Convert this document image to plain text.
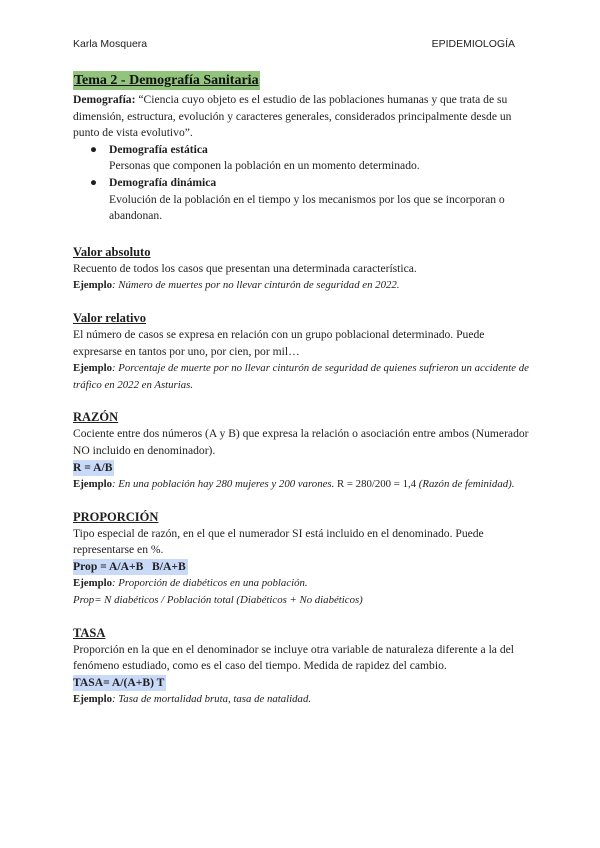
Karla Mosquera	EPIDEMIOLOGÍA
Tema 2 - Demografía Sanitaria

Demografía: “Ciencia cuyo objeto es el estudio de las poblaciones humanas y que trata de su dimensión, estructura, evolución y caracteres generales, considerados principalmente desde un punto de vista evolutivo”.

● Demografía estática
Personas que componen la población en un momento determinado.
● Demografía dinámica
Evolución de la población en el tiempo y los mecanismos por los que se incorporan o abandonan.

Valor absoluto

Recuento de todos los casos que presentan una determinada característica.

Ejemplo: Número de muertes por no llevar cinturón de seguridad en 2022.

Valor relativo

El número de casos se expresa en relación con un grupo poblacional determinado. Puede expresarse en tantos por uno, por cien, por mil…

Ejemplo: Porcentaje de muerte por no llevar cinturón de seguridad de quienes sufrieron un accidente de tráfico en 2022 en Asturias.

RAZÓN

Cociente entre dos números (A y B) que expresa la relación o asociación entre ambos (Numerador NO incluido en denominador).

R = A/B

Ejemplo: En una población hay 280 mujeres y 200 varones. R = 280/200 = 1,4 (Razón de feminidad).

PROPORCIÓN

Tipo especial de razón, en el que el numerador SI está incluido en el denominado. Puede representarse en %.

Prop = A/A+B   B/A+B

Ejemplo: Proporción de diabéticos en una población.

Prop= N diabéticos / Población total (Diabéticos + No diabéticos)

TASA

Proporción en la que en el denominador se incluye otra variable de naturaleza diferente a la del fenómeno estudiado, como es el caso del tiempo. Medida de rapidez del cambio.

TASA= A/(A+B) T

Ejemplo: Tasa de mortalidad bruta, tasa de natalidad.
